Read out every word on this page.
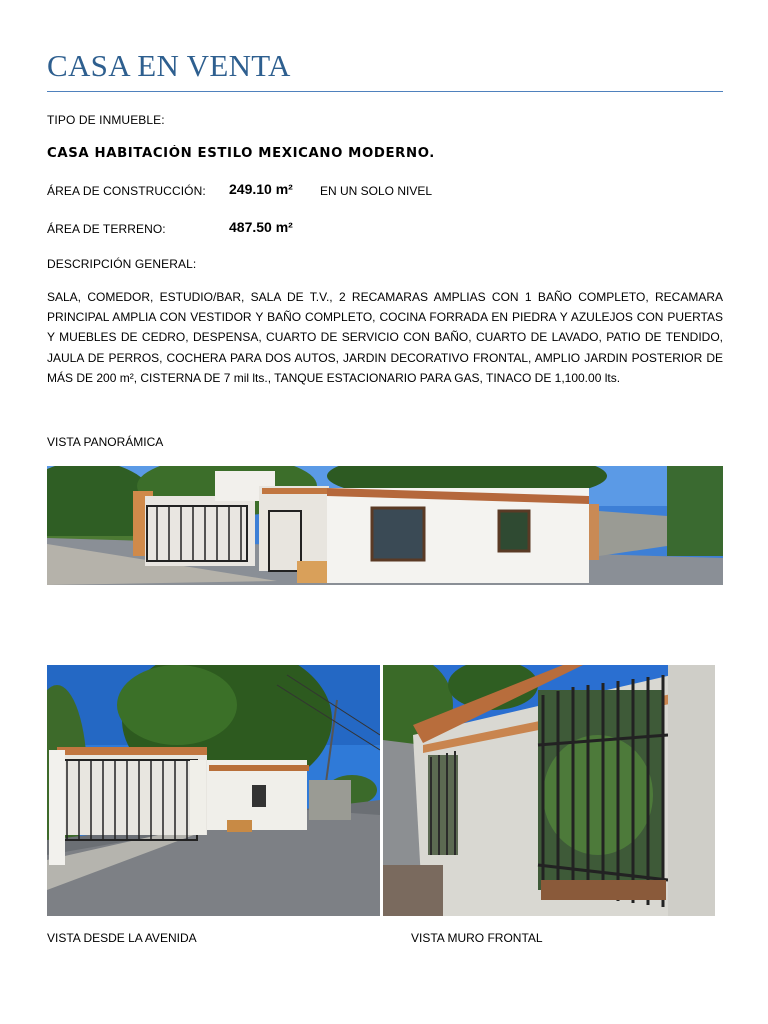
CASA EN VENTA
TIPO DE INMUEBLE:
CASA HABITACIÓN ESTILO MEXICANO MODERNO.
ÁREA DE CONSTRUCCIÓN: 249.10 m² EN UN SOLO NIVEL
ÁREA DE TERRENO:	487.50 m²
DESCRIPCIÓN GENERAL:

SALA, COMEDOR, ESTUDIO/BAR, SALA DE T.V., 2 RECAMARAS AMPLIAS CON 1 BAÑO COMPLETO, RECAMARA PRINCIPAL AMPLIA CON VESTIDOR Y BAÑO COMPLETO, COCINA FORRADA EN PIEDRA Y AZULEJOS CON PUERTAS Y MUEBLES DE CEDRO, DESPENSA, CUARTO DE SERVICIO CON BAÑO, CUARTO DE LAVADO, PATIO DE TENDIDO, JAULA DE PERROS, COCHERA PARA DOS AUTOS, JARDIN DECORATIVO FRONTAL, AMPLIO JARDIN POSTERIOR DE MÁS DE 200 m², CISTERNA DE 7 mil lts., TANQUE ESTACIONARIO PARA GAS, TINACO DE 1,100.00 lts.

VISTA PANORÁMICA
VISTA DESDE LA AVENIDA	VISTA MURO FRONTAL
